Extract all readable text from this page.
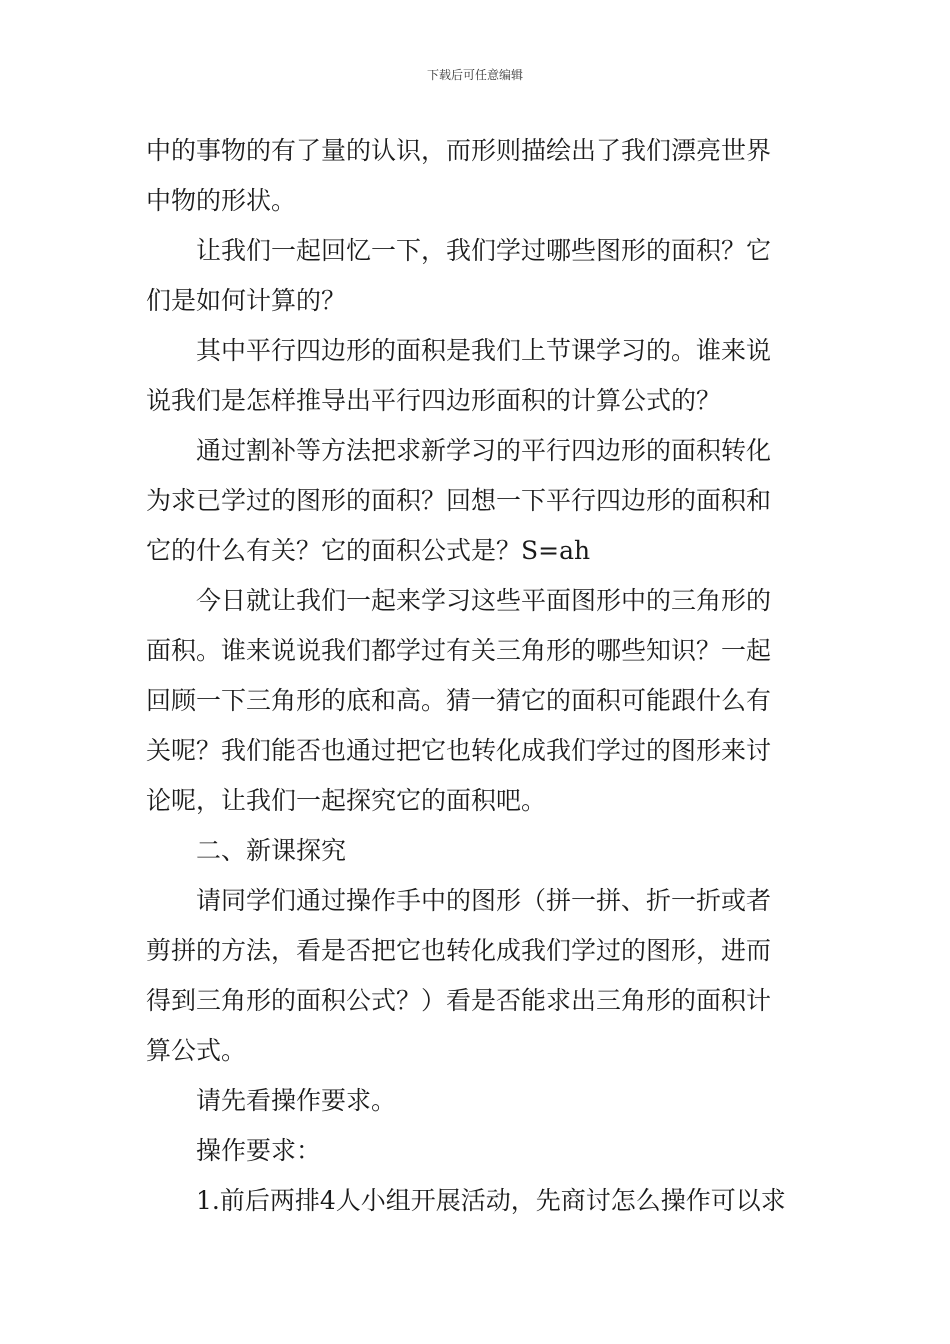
下载后可任意编辑
中的事物的有了量的认识，而形则描绘出了我们漂亮世界
中物的形状。
让我们一起回忆一下，我们学过哪些图形的面积？它
们是如何计算的？
其中平行四边形的面积是我们上节课学习的。谁来说
说我们是怎样推导出平行四边形面积的计算公式的？
通过割补等方法把求新学习的平行四边形的面积转化
为求已学过的图形的面积？回想一下平行四边形的面积和
它的什么有关？它的面积公式是？S=ah
今日就让我们一起来学习这些平面图形中的三角形的
面积。谁来说说我们都学过有关三角形的哪些知识？一起
回顾一下三角形的底和高。猜一猜它的面积可能跟什么有
关呢？我们能否也通过把它也转化成我们学过的图形来讨
论呢，让我们一起探究它的面积吧。
二、新课探究
请同学们通过操作手中的图形（拼一拼、折一折或者
剪拼的方法，看是否把它也转化成我们学过的图形，进而
得到三角形的面积公式？）看是否能求出三角形的面积计
算公式。
请先看操作要求。
操作要求：
1.前后两排4人小组开展活动，先商讨怎么操作可以求
